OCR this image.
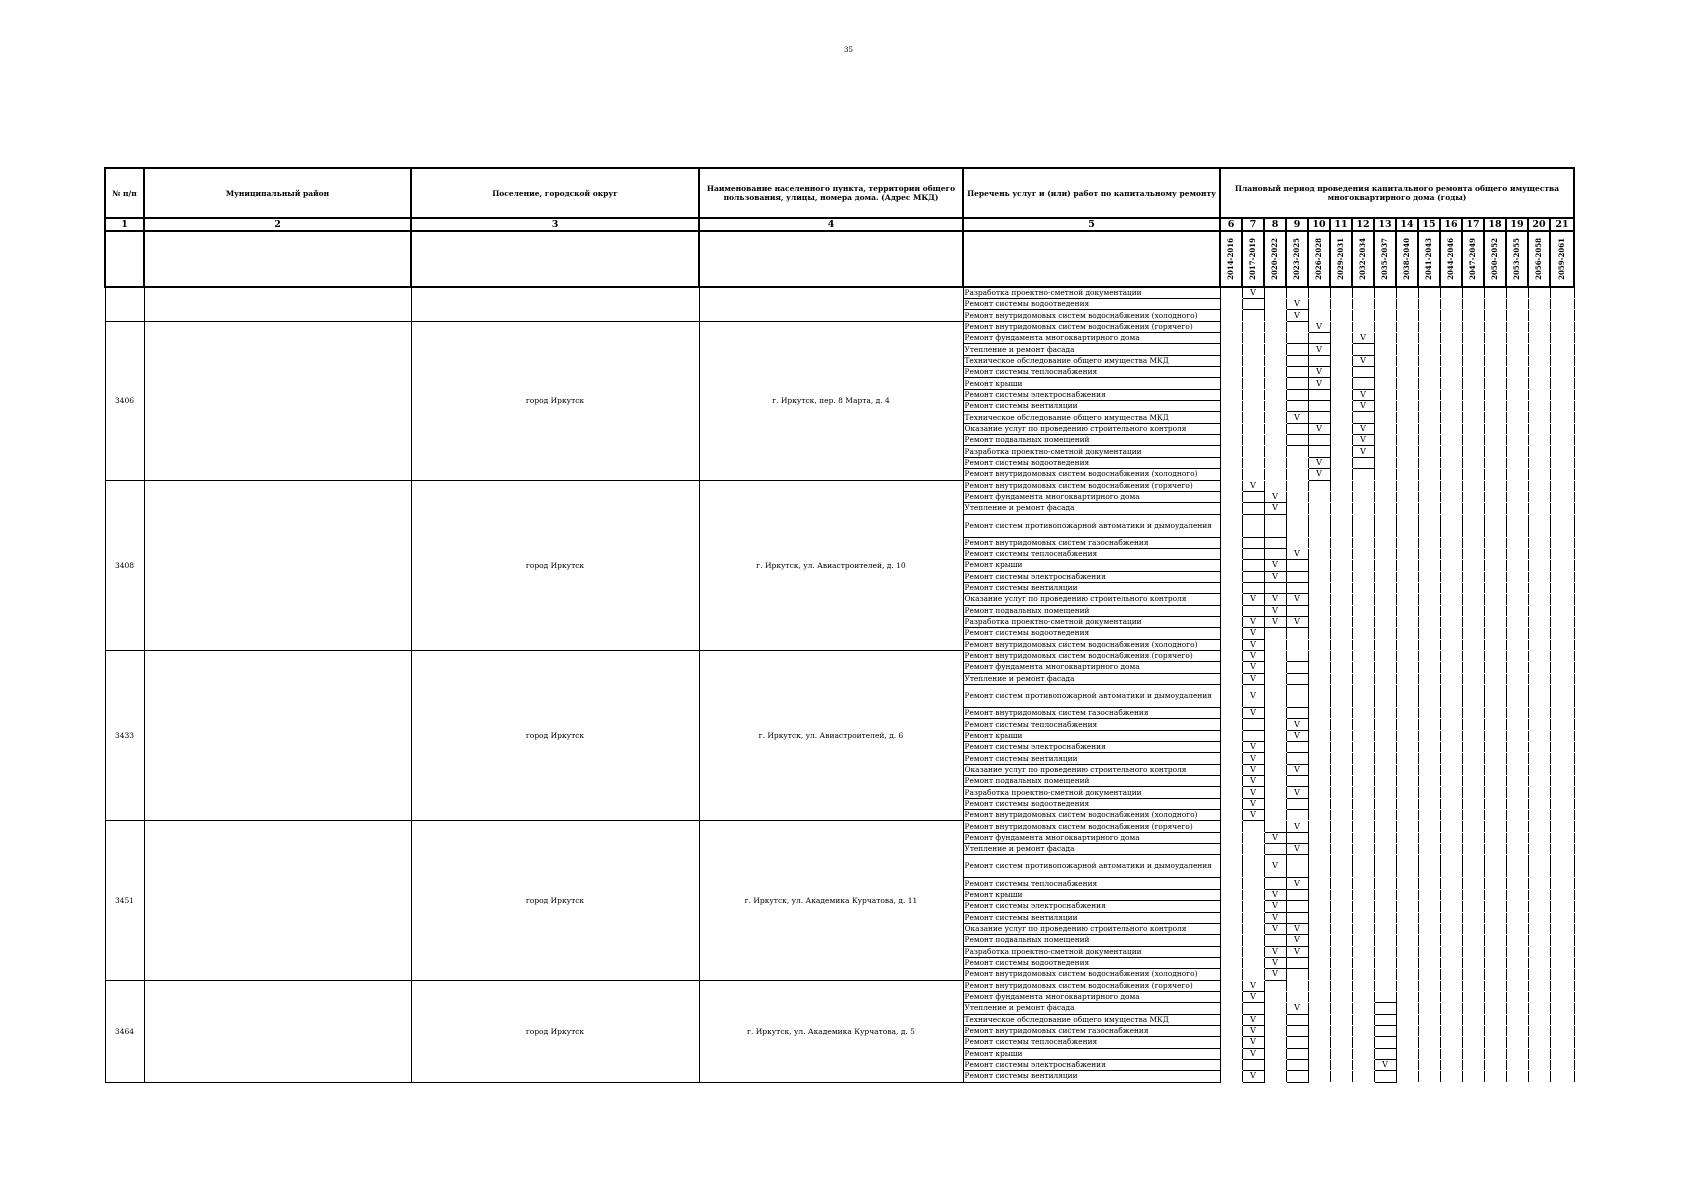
35
№ п/п	Муниципальный район	Поселение, городской округ	Наименование населенного пункта, территории общего пользования, улицы, номера дома. (Адрес МКД)	Перечень услуг и (или) работ по капитальному ремонту	Плановый период проведения капитального ремонта общего имущества многоквартирного дома (годы)															
1	2	3	4	5	6	7	8	9	10	11	12	13	14	15	16	17	18	19	20	21

					2014-2016	2017-2019	2020-2022	2023-2025	2026-2028	2029-2031	2032-2034	2035-2037	2038-2040	2041-2043	2044-2046	2047-2049	2050-2052	2053-2055	2056-2058	2059-2061

				Разработка проектно-сметной документации		V														
				Ремонт системы водоотведения				V												
				Ремонт внутридомовых систем водоснабжения (холодного)				V												
3406		город Иркутск	г. Иркутск, пер. 8 Марта, д. 4	Ремонт внутридомовых систем водоснабжения (горячего)					V											
				Ремонт фундамента многоквартирного дома							V									
				Утепление и ремонт фасада					V											
				Техническое обследование общего имущества МКД							V									
				Ремонт системы теплоснабжения					V											
				Ремонт крыши					V											
				Ремонт системы электроснабжения							V									
				Ремонт системы вентиляции							V									
				Техническое обследование общего имущества МКД				V												
				Оказание услуг по проведению строительного контроля					V		V									
				Ремонт подвальных помещений							V									
				Разработка проектно-сметной документации							V									
				Ремонт системы водоотведения					V											
				Ремонт внутридомовых систем водоснабжения (холодного)					V											
3408		город Иркутск	г. Иркутск, ул. Авиастроителей, д. 10	Ремонт внутридомовых систем водоснабжения (горячего)		V														
				Ремонт фундамента многоквартирного дома			V													
				Утепление и ремонт фасада			V													
				Ремонт систем противопожарной автоматики и дымоудаления																
				Ремонт внутридомовых систем газоснабжения																
				Ремонт системы теплоснабжения				V												
				Ремонт крыши			V													
				Ремонт системы электроснабжения			V													
				Ремонт системы вентиляции																
				Оказание услуг по проведению строительного контроля		V	V	V												
				Ремонт подвальных помещений			V													
				Разработка проектно-сметной документации		V	V	V												
				Ремонт системы водоотведения		V														
				Ремонт внутридомовых систем водоснабжения (холодного)		V														
3433		город Иркутск	г. Иркутск, ул. Авиастроителей, д. 6	Ремонт внутридомовых систем водоснабжения (горячего)		V														
				Ремонт фундамента многоквартирного дома		V														
				Утепление и ремонт фасада		V														
				Ремонт систем противопожарной автоматики и дымоудаления		V														
				Ремонт внутридомовых систем газоснабжения		V														
				Ремонт системы теплоснабжения				V												
				Ремонт крыши				V												
				Ремонт системы электроснабжения		V														
				Ремонт системы вентиляции		V														
				Оказание услуг по проведению строительного контроля		V		V												
				Ремонт подвальных помещений		V														
				Разработка проектно-сметной документации		V		V												
				Ремонт системы водоотведения		V														
				Ремонт внутридомовых систем водоснабжения (холодного)		V														
3451		город Иркутск	г. Иркутск, ул. Академика Курчатова, д. 11	Ремонт внутридомовых систем водоснабжения (горячего)				V												
				Ремонт фундамента многоквартирного дома			V													
				Утепление и ремонт фасада				V												
				Ремонт систем противопожарной автоматики и дымоудаления			V													
				Ремонт системы теплоснабжения				V												
				Ремонт крыши			V													
				Ремонт системы электроснабжения			V													
				Ремонт системы вентиляции			V													
				Оказание услуг по проведению строительного контроля			V	V												
				Ремонт подвальных помещений				V												
				Разработка проектно-сметной документации			V	V												
				Ремонт системы водоотведения			V													
				Ремонт внутридомовых систем водоснабжения (холодного)			V													
3464		город Иркутск	г. Иркутск, ул. Академика Курчатова, д. 5	Ремонт внутридомовых систем водоснабжения (горячего)		V														
				Ремонт фундамента многоквартирного дома		V														
				Утепление и ремонт фасада				V												
				Техническое обследование общего имущества МКД		V														
				Ремонт внутридомовых систем газоснабжения		V														
				Ремонт системы теплоснабжения		V														
				Ремонт крыши		V														
				Ремонт системы электроснабжения								V								
				Ремонт системы вентиляции		V														
